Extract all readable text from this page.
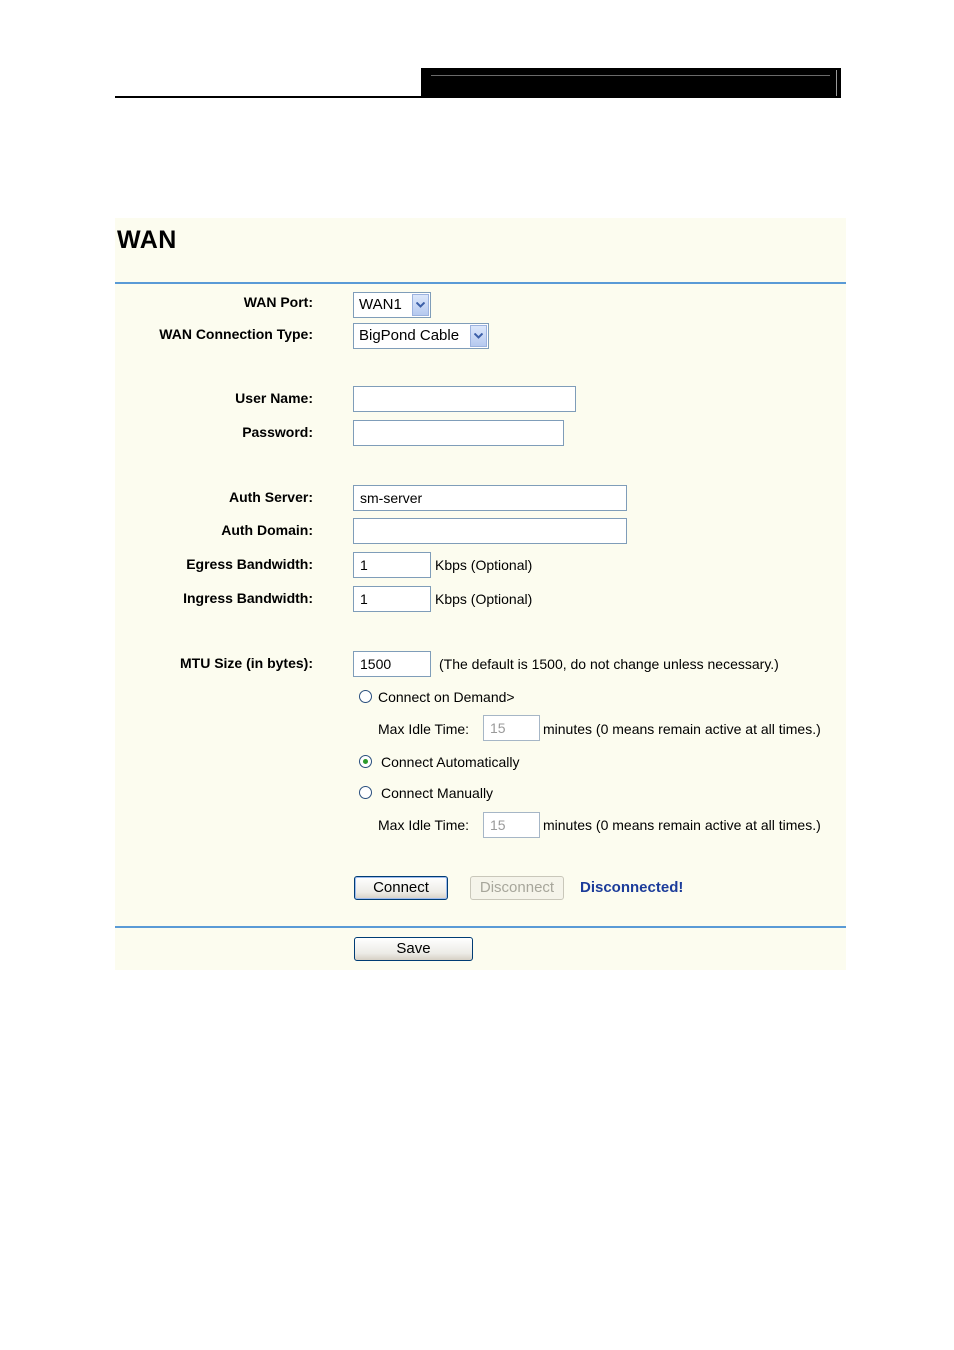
WAN
WAN Port:	WAN1
WAN Connection Type:	BigPond Cable
User Name:
Password:
Auth Server:	sm-server
Auth Domain:
Egress Bandwidth:	1	Kbps (Optional)
Ingress Bandwidth:	1	Kbps (Optional)
MTU Size (in bytes):	1500	(The default is 1500, do not change unless necessary.)
Connect on Demand>
Max Idle Time:	15	minutes (0 means remain active at all times.)
Connect Automatically
Connect Manually
Max Idle Time:	15	minutes (0 means remain active at all times.)
Connect	Disconnect	Disconnected!
Save
